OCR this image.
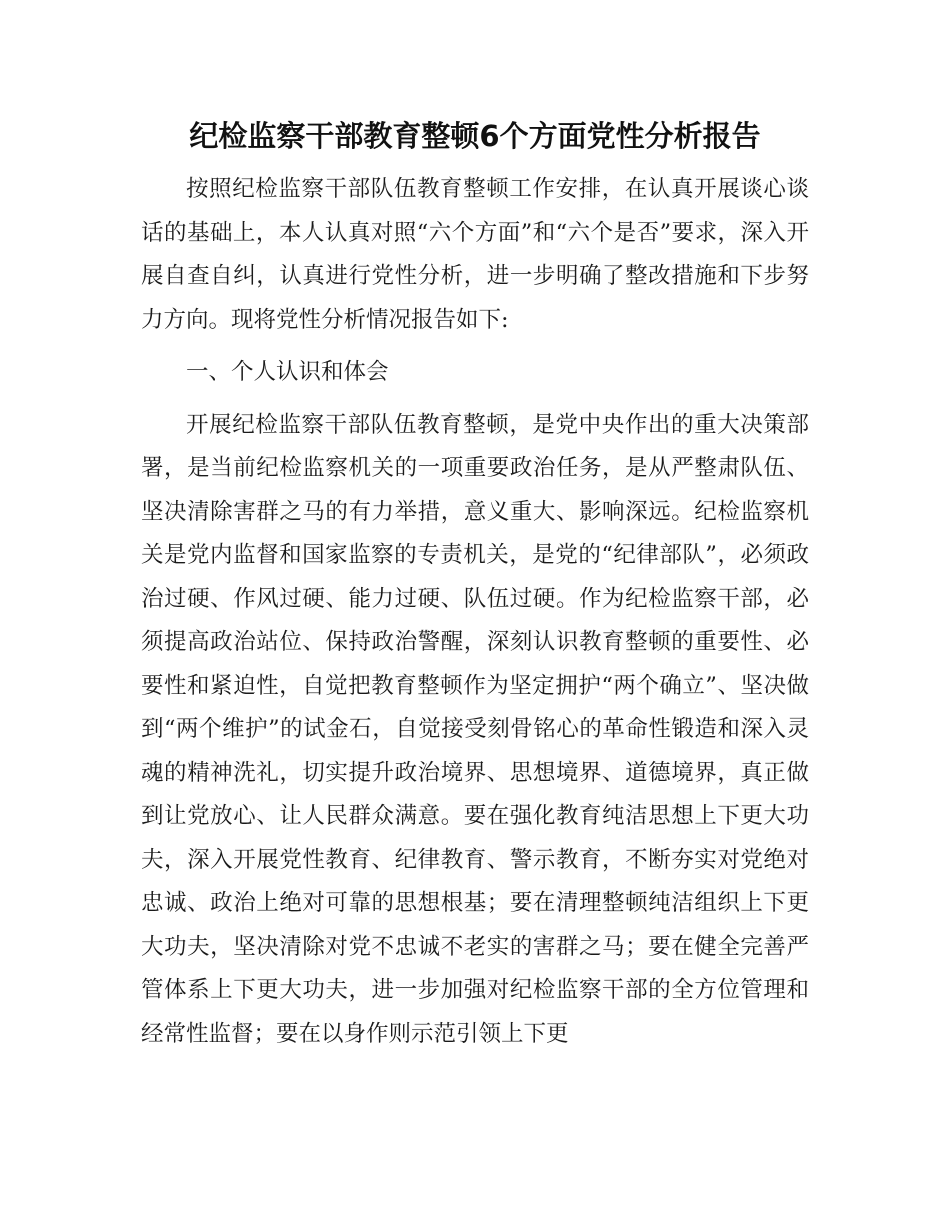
纪检监察干部教育整顿6个方面党性分析报告

按照纪检监察干部队伍教育整顿工作安排，在认真开展谈心谈话的基础上，本人认真对照“六个方面”和“六个是否”要求，深入开展自查自纠，认真进行党性分析，进一步明确了整改措施和下步努力方向。现将党性分析情况报告如下:

一、个人认识和体会

开展纪检监察干部队伍教育整顿，是党中央作出的重大决策部署，是当前纪检监察机关的一项重要政治任务，是从严整肃队伍、坚决清除害群之马的有力举措，意义重大、影响深远。纪检监察机关是党内监督和国家监察的专责机关，是党的“纪律部队”，必须政治过硬、作风过硬、能力过硬、队伍过硬。作为纪检监察干部，必须提高政治站位、保持政治警醒，深刻认识教育整顿的重要性、必要性和紧迫性，自觉把教育整顿作为坚定拥护“两个确立”、坚决做到“两个维护”的试金石，自觉接受刻骨铭心的革命性锻造和深入灵魂的精神洗礼，切实提升政治境界、思想境界、道德境界，真正做到让党放心、让人民群众满意。要在强化教育纯洁思想上下更大功夫，深入开展党性教育、纪律教育、警示教育，不断夯实对党绝对忠诚、政治上绝对可靠的思想根基；要在清理整顿纯洁组织上下更大功夫，坚决清除对党不忠诚不老实的害群之马；要在健全完善严管体系上下更大功夫，进一步加强对纪检监察干部的全方位管理和经常性监督；要在以身作则示范引领上下更
